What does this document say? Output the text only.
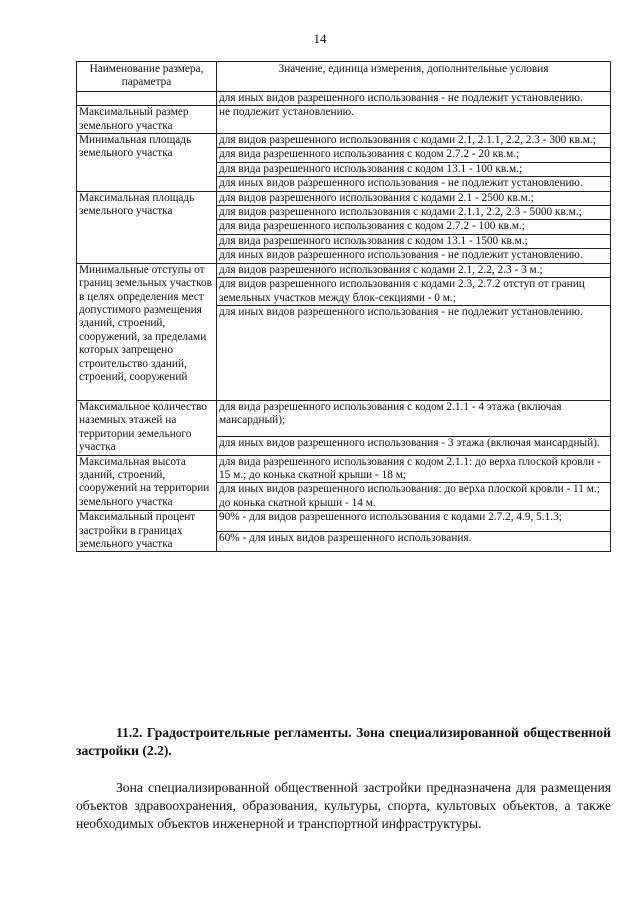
14
Наименование размера, параметра	Значение, единица измерения, дополнительные условия
	для иных видов разрешенного использования - не подлежит установлению.
Максимальный размер земельного участка	не подлежит установлению.
Минимальная площадь земельного участка	для видов разрешенного использования с кодами 2.1, 2.1.1, 2.2, 2.3 - 300 кв.м.;
	для вида разрешенного использования с кодом 2.7.2 - 20 кв.м.;
	для вида разрешенного использования с кодом 13.1 - 100 кв.м.;
	для иных видов разрешенного использования - не подлежит установлению.
Максимальная площадь земельного участка	для видов разрешенного использования с кодами 2.1 - 2500 кв.м.;
	для видов разрешенного использования с кодами 2.1.1, 2.2, 2.3 - 5000 кв.м.;
	для вида разрешенного использования с кодом 2.7.2 - 100 кв.м.;
	для вида разрешенного использования с кодом 13.1 - 1500 кв.м.;
	для иных видов разрешенного использования - не подлежит установлению.
Минимальные отступы от границ земельных участков в целях определения мест допустимого размещения зданий, строений, сооружений, за пределами которых запрещено строительство зданий, строений, сооружений	для видов разрешенного использования с кодами 2.1, 2.2, 2.3 - 3 м.;
	для видов разрешенного использования с кодами 2.3, 2.7.2 отступ от границ земельных участков между блок-секциями - 0 м.;
	для иных видов разрешенного использования - не подлежит установлению.
Максимальное количество наземных этажей на территории земельного участка	для вида разрешенного использования с кодом 2.1.1 - 4 этажа (включая мансардный);
	для иных видов разрешенного использования - 3 этажа (включая мансардный).
Максимальная высота зданий, строений, сооружений на территории земельного участка	для вида разрешенного использования с кодом 2.1.1: до верха плоской кровли - 15 м.; до конька скатной крыши - 18 м;
	для иных видов разрешенного использования: до верха плоской кровли - 11 м.; до конька скатной крыши - 14 м.
Максимальный процент застройки в границах земельного участка	90% - для видов разрешенного использования с кодами 2.7.2, 4.9, 5.1.3;
	60% - для иных видов разрешенного использования.

11.2. Градостроительные регламенты. Зона специализированной общественной застройки (2.2).

Зона специализированной общественной застройки предназначена для размещения объектов здравоохранения, образования, культуры, спорта, культовых объектов, а также необходимых объектов инженерной и транспортной инфраструктуры.
